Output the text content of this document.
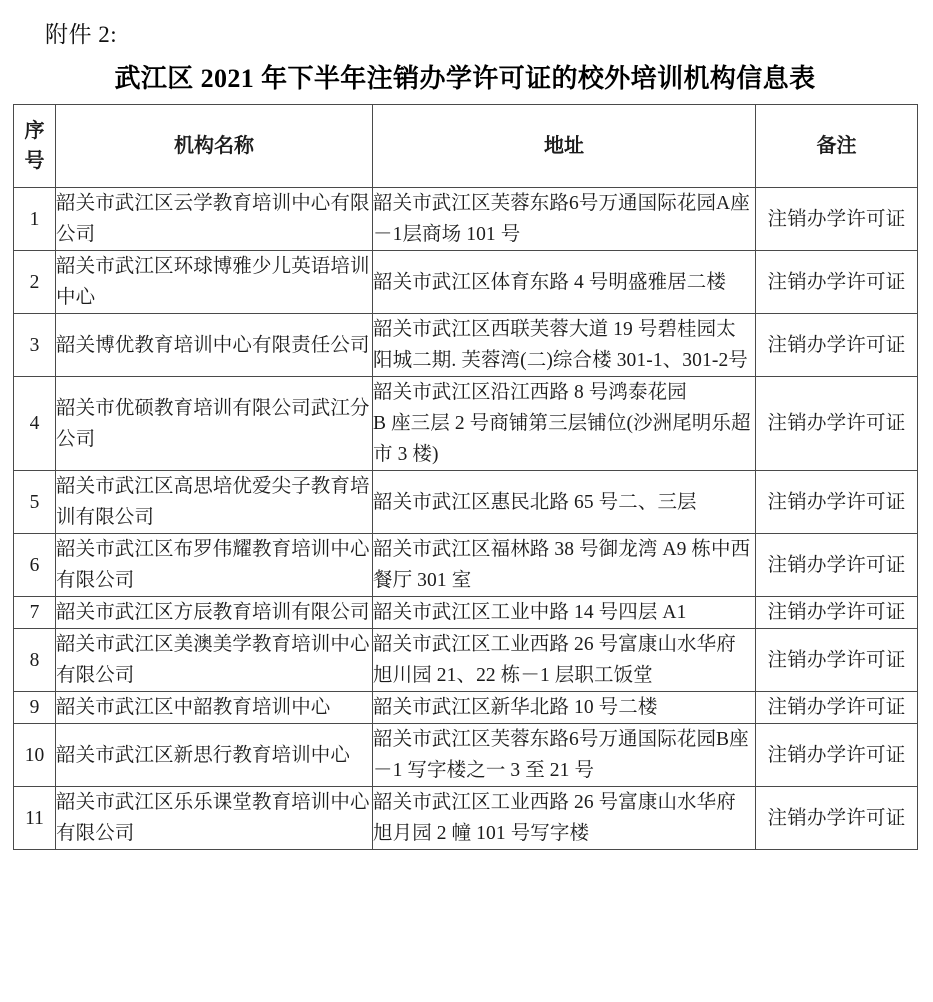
附件 2:
武江区 2021 年下半年注销办学许可证的校外培训机构信息表
序
号	机构名称	地址	备注
1	韶关市武江区云学教育培训中心有限公司	韶关市武江区芙蓉东路6号万通国际花园A座－1层商场 101 号	注销办学许可证
2	韶关市武江区环球博雅少儿英语培训中心	韶关市武江区体育东路 4 号明盛雅居二楼	注销办学许可证
3	韶关博优教育培训中心有限责任公司	韶关市武江区西联芙蓉大道 19 号碧桂园太阳城二期. 芙蓉湾(二)综合楼 301-1、301-2号	注销办学许可证
4	韶关市优硕教育培训有限公司武江分公司	韶关市武江区沿江西路 8 号鸿泰花园
B 座三层 2 号商铺第三层铺位(沙洲尾明乐超市 3 楼)	注销办学许可证
5	韶关市武江区高思培优爱尖子教育培训有限公司	韶关市武江区惠民北路 65 号二、三层	注销办学许可证
6	韶关市武江区布罗伟耀教育培训中心有限公司	韶关市武江区福林路 38 号御龙湾 A9 栋中西餐厅 301 室	注销办学许可证
7	韶关市武江区方辰教育培训有限公司	韶关市武江区工业中路 14 号四层 A1	注销办学许可证
8	韶关市武江区美澳美学教育培训中心有限公司	韶关市武江区工业西路 26 号富康山水华府旭川园 21、22 栋－1 层职工饭堂	注销办学许可证
9	韶关市武江区中韶教育培训中心	韶关市武江区新华北路 10 号二楼	注销办学许可证
10	韶关市武江区新思行教育培训中心	韶关市武江区芙蓉东路6号万通国际花园B座－1 写字楼之一 3 至 21 号	注销办学许可证
11	韶关市武江区乐乐课堂教育培训中心有限公司	韶关市武江区工业西路 26 号富康山水华府旭月园 2 幢 101 号写字楼	注销办学许可证
